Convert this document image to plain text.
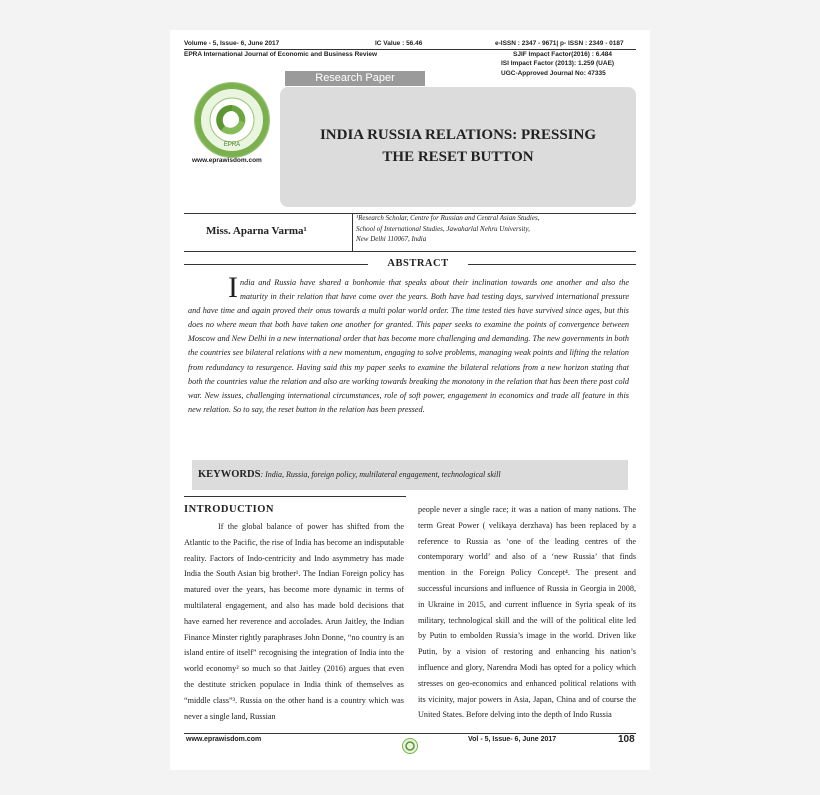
Volume - 5, Issue- 6, June 2017	IC Value : 56.46	e-ISSN : 2347 - 9671| p- ISSN : 2349 - 0187
EPRA International Journal of Economic and Business Review	SJIF Impact Factor(2016) : 6.484
ISI Impact Factor (2013): 1.259 (UAE)
UGC-Approved Journal No: 47335
EPRA
www.eprawisdom.com
Research Paper
INDIA RUSSIA RELATIONS: PRESSING
THE RESET BUTTON
Miss. Aparna Varma¹
¹Research Scholar, Centre for Russian and Central Asian Studies,
School of International Studies, Jawaharlal Nehru University,
New Delhi 110067, India
ABSTRACT
India and Russia have shared a bonhomie that speaks about their inclination towards one another and also the maturity in their relation that have come over the years. Both have had testing days, survived international pressure and have time and again proved their onus towards a multi polar world order. The time tested ties have survived since ages, but this does no where mean that both have taken one another for granted. This paper seeks to examine the points of convergence between Moscow and New Delhi in a new international order that has become more challenging and demanding. The new governments in both the countries see bilateral relations with a new momentum, engaging to solve problems, managing weak points and lifting the relation from redundancy to resurgence. Having said this my paper seeks to examine the bilateral relations from a new horizon stating that both the countries value the relation and also are working towards breaking the monotony in the relation that has been there post cold war. New issues, challenging international circumstances, role of soft power, engagement in economics and trade all feature in this new relation. So to say, the reset button in the relation has been pressed.
KEYWORDS: India, Russia, foreign policy, multilateral engagement, technological skill
INTRODUCTION
If the global balance of power has shifted from the Atlantic to the Pacific, the rise of India has become an indisputable reality. Factors of Indo-centricity and Indo asymmetry has made India the South Asian big brother¹. The Indian Foreign policy has matured over the years, has become more dynamic in terms of multilateral engagement, and also has made bold decisions that have earned her reverence and accolades. Arun Jaitley, the Indian Finance Minster rightly paraphrases John Donne, “no country is an island entire of itself” recognising the integration of India into the world economy² so much so that Jaitley (2016) argues that even the destitute stricken populace in India think of themselves as “middle class”³. Russia on the other hand is a country which was never a single land, Russian
people never a single race; it was a nation of many nations. The term Great Power ( velikaya derzhava) has been replaced by a reference to Russia as ‘one of the leading centres of the contemporary world’ and also of a ‘new Russia’ that finds mention in the Foreign Policy Concept⁴. The present and successful incursions and influence of Russia in Georgia in 2008, in Ukraine in 2015, and current influence in Syria speak of its military, technological skill and the will of the political elite led by Putin to embolden Russia’s image in the world. Driven like Putin, by a vision of restoring and enhancing his nation’s influence and glory, Narendra Modi has opted for a policy which stresses on geo-economics and enhanced political relations with its vicinity, major powers in Asia, Japan, China and of course the United States. Before delving into the depth of Indo Russia
www.eprawisdom.com	Vol - 5, Issue- 6, June 2017	108
